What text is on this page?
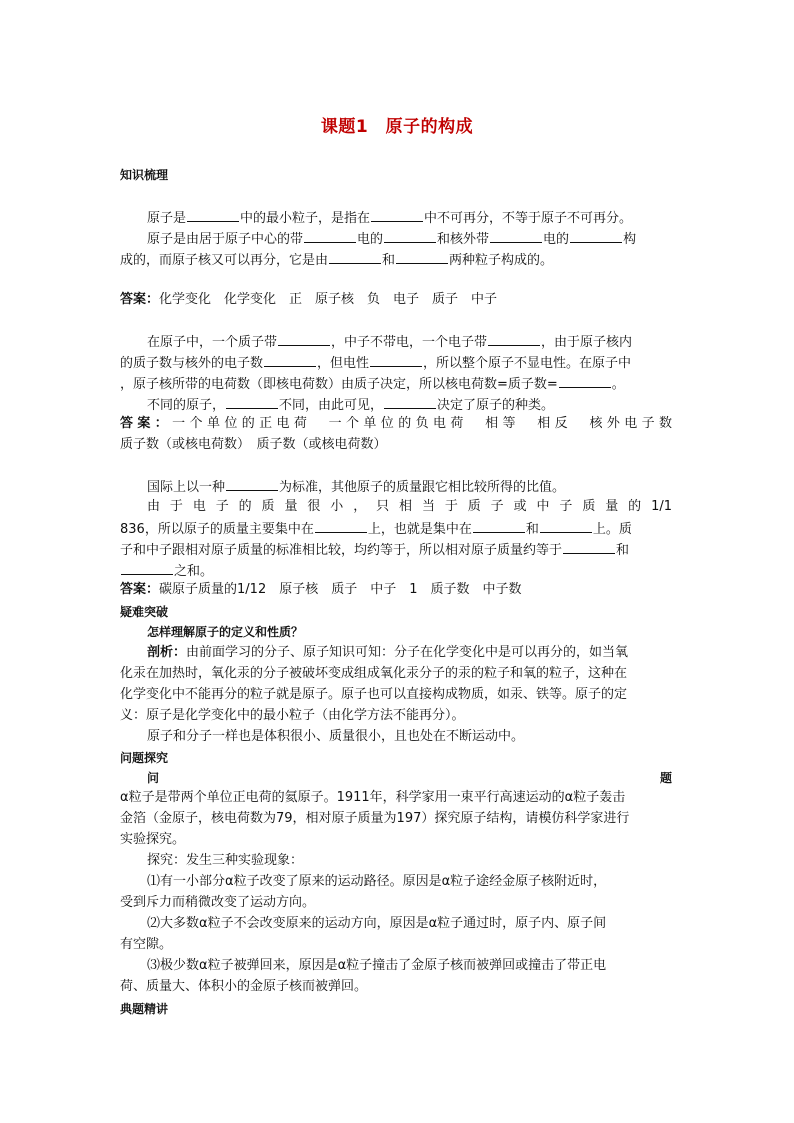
课题1　原子的构成
知识梳理
原子是	中的最小粒子，是指在	中不可再分，不等于原子不可再分。
原子是由居于原子中心的带	电的	和核外带	电的	构
成的，而原子核又可以再分，它是由	和	两种粒子构成的。
答案：化学变化　化学变化　正　原子核　负　电子　质子　中子
在原子中，一个质子带	，中子不带电，一个电子带	，由于原子核内
的质子数与核外的电子数	，但电性	，所以整个原子不显电性。在原子中
，原子核所带的电荷数（即核电荷数）由质子决定，所以核电荷数=质子数=	。
不同的原子，	不同，由此可见，	决定了原子的种类。
答案：一个单位的正电荷　一个单位的负电荷　相等　相反　核外电子数
质子数（或核电荷数）　质子数（或核电荷数）
国际上以一种	为标准，其他原子的质量跟它相比较所得的比值。
由 于 电 子 的 质 量 很 小 ， 只 相 当 于 质 子 或 中 子 质 量 的 1/1
836，所以原子的质量主要集中在	上，也就是集中在	和	上。质
子和中子跟相对原子质量的标准相比较，均约等于，所以相对原子质量约等于	和
之和。
答案：碳原子质量的1/12　原子核　质子　中子　1　质子数　中子数
疑难突破
怎样理解原子的定义和性质？
剖析：由前面学习的分子、原子知识可知：分子在化学变化中是可以再分的，如当氧
化汞在加热时，氧化汞的分子被破坏变成组成氧化汞分子的汞的粒子和氧的粒子，这种在
化学变化中不能再分的粒子就是原子。原子也可以直接构成物质，如汞、铁等。原子的定
义：原子是化学变化中的最小粒子（由化学方法不能再分）。
原子和分子一样也是体积很小、质量很小，且也处在不断运动中。
问题探究
问	题
α粒子是带两个单位正电荷的氦原子。1911年，科学家用一束平行高速运动的α粒子轰击
金箔（金原子，核电荷数为79，相对原子质量为197）探究原子结构，请模仿科学家进行
实验探究。
探究：发生三种实验现象：
⑴有一小部分α粒子改变了原来的运动路径。原因是α粒子途经金原子核附近时，
受到斥力而稍微改变了运动方向。
⑵大多数α粒子不会改变原来的运动方向，原因是α粒子通过时，原子内、原子间
有空隙。
⑶极少数α粒子被弹回来，原因是α粒子撞击了金原子核而被弹回或撞击了带正电
荷、质量大、体积小的金原子核而被弹回。
典题精讲
